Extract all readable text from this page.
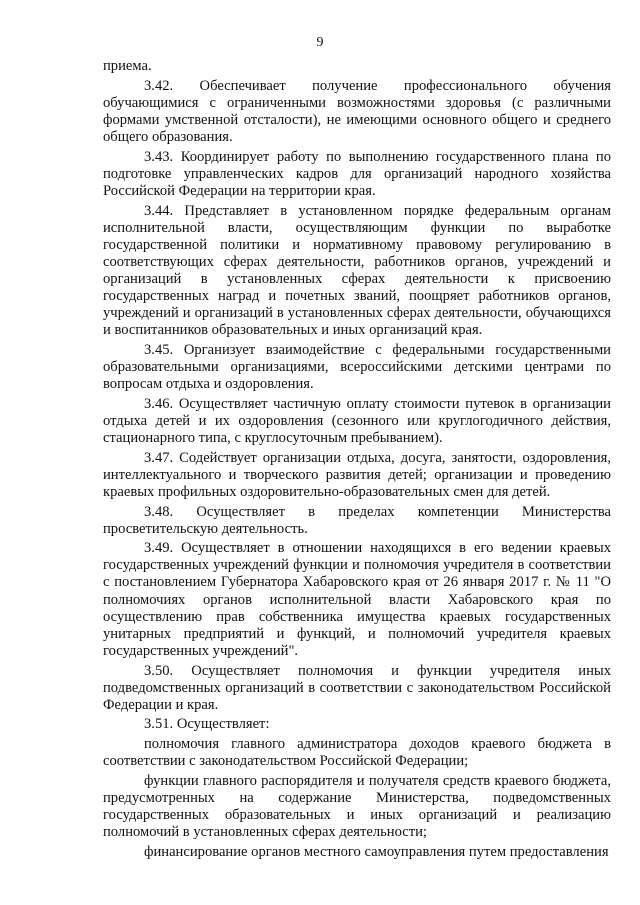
9

приема.

3.42. Обеспечивает получение профессионального обучения обучающимися с ограниченными возможностями здоровья (с различными формами умственной отсталости), не имеющими основного общего и среднего общего образования.

3.43. Координирует работу по выполнению государственного плана по подготовке управленческих кадров для организаций народного хозяйства Российской Федерации на территории края.

3.44. Представляет в установленном порядке федеральным органам исполнительной власти, осуществляющим функции по выработке государственной политики и нормативному правовому регулированию в соответствующих сферах деятельности, работников органов, учреждений и организаций в установленных сферах деятельности к присвоению государственных наград и почетных званий, поощряет работников органов, учреждений и организаций в установленных сферах деятельности, обучающихся и воспитанников образовательных и иных организаций края.

3.45. Организует взаимодействие с федеральными государственными образовательными организациями, всероссийскими детскими центрами по вопросам отдыха и оздоровления.

3.46. Осуществляет частичную оплату стоимости путевок в организации отдыха детей и их оздоровления (сезонного или круглогодичного действия, стационарного типа, с круглосуточным пребыванием).

3.47. Содействует организации отдыха, досуга, занятости, оздоровления, интеллектуального и творческого развития детей; организации и проведению краевых профильных оздоровительно-образовательных смен для детей.

3.48. Осуществляет в пределах компетенции Министерства просветительскую деятельность.

3.49. Осуществляет в отношении находящихся в его ведении краевых государственных учреждений функции и полномочия учредителя в соответствии с постановлением Губернатора Хабаровского края от 26 января 2017 г. № 11 "О полномочиях органов исполнительной власти Хабаровского края по осуществлению прав собственника имущества краевых государственных унитарных предприятий и функций, и полномочий учредителя краевых государственных учреждений".

3.50. Осуществляет полномочия и функции учредителя иных подведомственных организаций в соответствии с законодательством Российской Федерации и края.

3.51. Осуществляет:

полномочия главного администратора доходов краевого бюджета в соответствии с законодательством Российской Федерации;

функции главного распорядителя и получателя средств краевого бюджета, предусмотренных на содержание Министерства, подведомственных государственных образовательных и иных организаций и реализацию полномочий в установленных сферах деятельности;

финансирование органов местного самоуправления путем предоставления
